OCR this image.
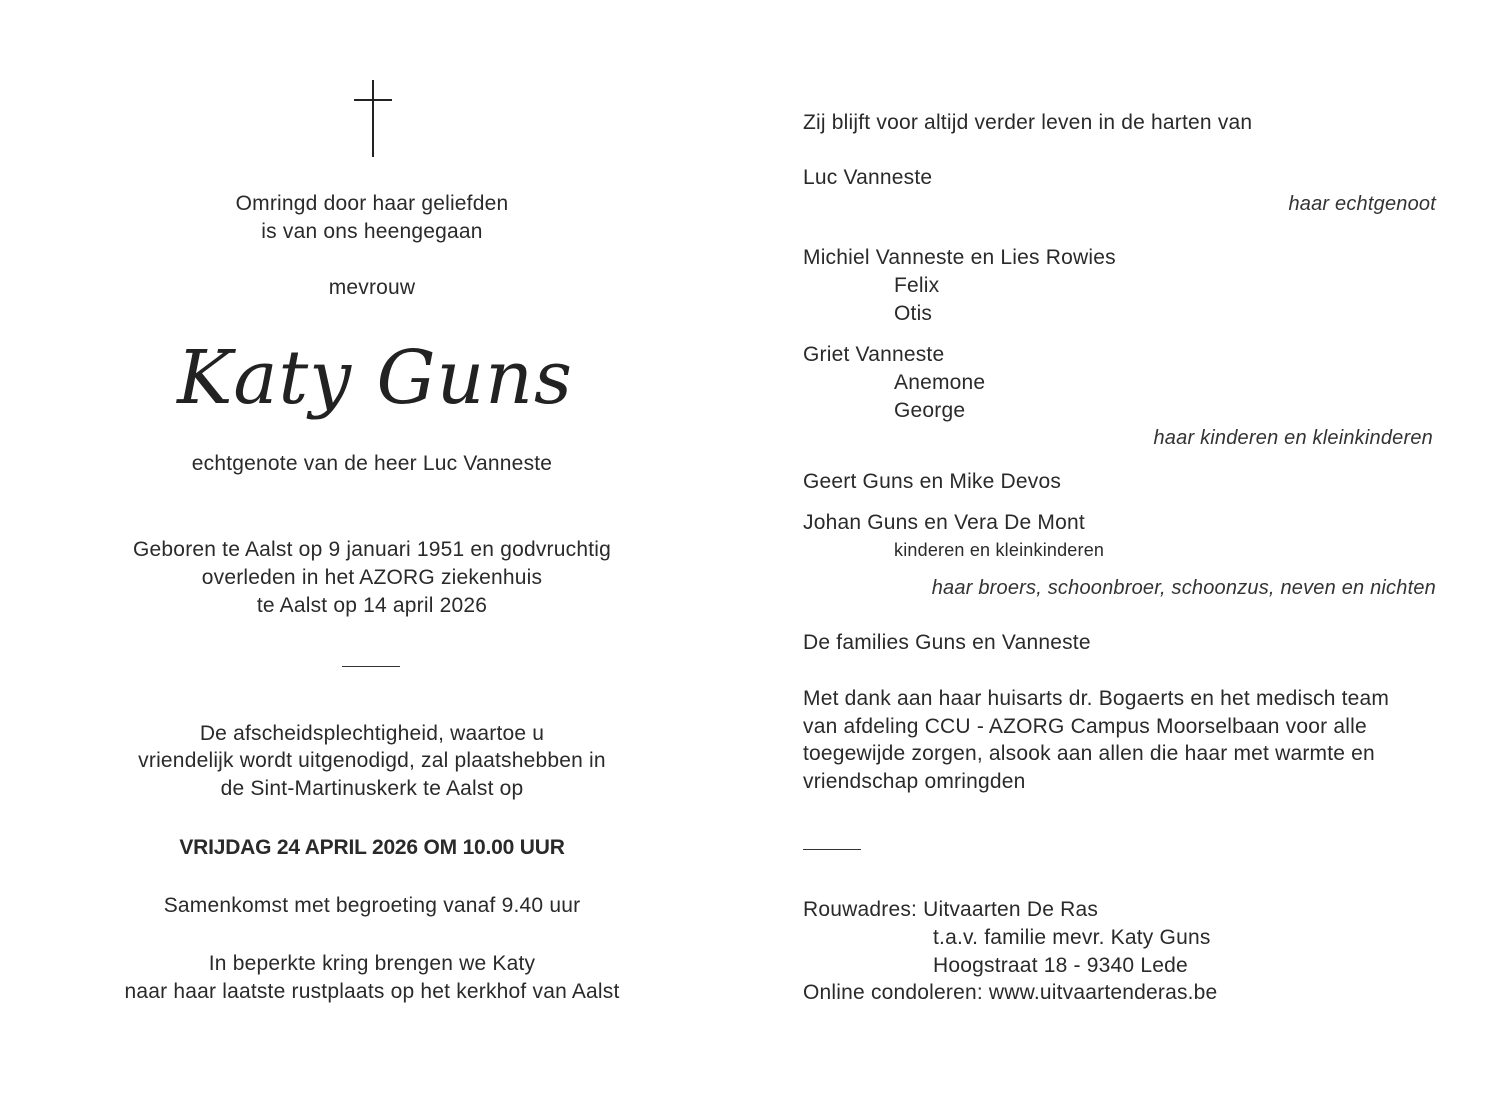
Omringd door haar geliefden
is van ons heengegaan
mevrouw
Katy Guns
echtgenote van de heer Luc Vanneste
Geboren te Aalst op 9 januari 1951 en godvruchtig
overleden in het AZORG ziekenhuis
te Aalst op 14 april 2026
De afscheidsplechtigheid, waartoe u
vriendelijk wordt uitgenodigd, zal plaatshebben in
de Sint-Martinuskerk te Aalst op
VRIJDAG 24 APRIL 2026 OM 10.00 UUR
Samenkomst met begroeting vanaf 9.40 uur
In beperkte kring brengen we Katy
naar haar laatste rustplaats op het kerkhof van Aalst
Zij blijft voor altijd verder leven in de harten van
Luc Vanneste
haar echtgenoot
Michiel Vanneste en Lies Rowies
Felix
Otis
Griet Vanneste
Anemone
George
haar kinderen en kleinkinderen
Geert Guns en Mike Devos
Johan Guns en Vera De Mont
kinderen en kleinkinderen
haar broers, schoonbroer, schoonzus, neven en nichten
De families Guns en Vanneste
Met dank aan haar huisarts dr. Bogaerts en het medisch team
van afdeling CCU - AZORG Campus Moorselbaan voor alle
toegewijde zorgen, alsook aan allen die haar met warmte en
vriendschap omringden
Rouwadres: Uitvaarten De Ras
t.a.v. familie mevr. Katy Guns
Hoogstraat 18 - 9340 Lede
Online condoleren: www.uitvaartenderas.be
